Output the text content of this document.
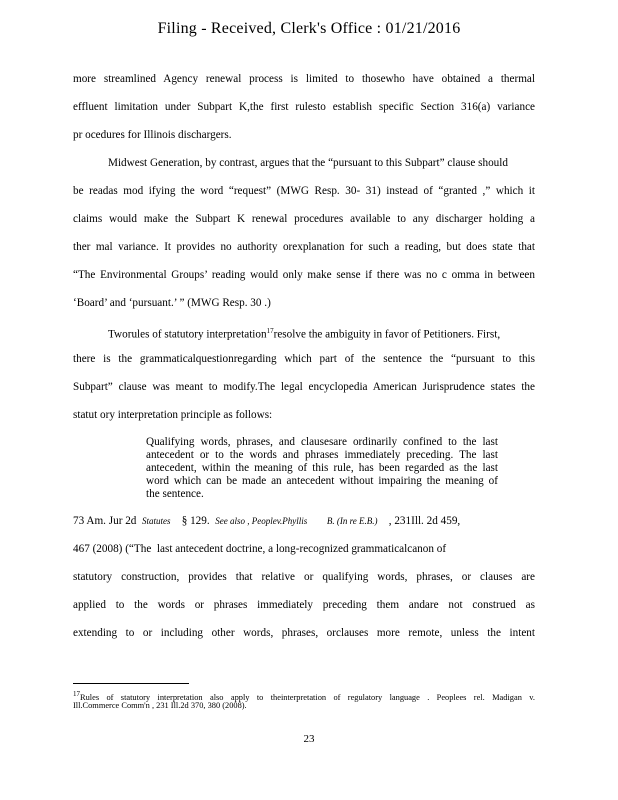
Filing - Received, Clerk's Office : 01/21/2016
more streamlined Agency renewal process is limited to thosewho have obtained a thermal
effluent limitation under Subpart K,the first rulesto establish specific Section 316(a) variance
pr ocedures for Illinois dischargers.
Midwest Generation, by contrast, argues that the “pursuant to this Subpart” clause should
be readas mod ifying the word “request” (MWG Resp. 30- 31) instead of “granted ,” which it
claims would make the Subpart K renewal procedures available to any discharger holding a
ther mal variance. It provides no authority orexplanation for such a reading, but does state that
“The Environmental Groups’ reading would only make sense if there was no c omma in between
‘Board’ and ‘pursuant.’ ” (MWG Resp. 30 .)
Tworules of statutory interpretation$^{17}$resolve the ambiguity in favor of Petitioners. First,
there is the grammaticalquestionregarding which part of the sentence the “pursuant to this
Subpart” clause was meant to modify.The legal encyclopedia American Jurisprudence states the
statut ory interpretation principle as follows:
Qualifying words, phrases, and clausesare ordinarily confined to the last
antecedent or to the words and phrases immediately preceding. The last
antecedent, within the meaning of this rule, has been regarded as the last
word which can be made an antecedent without impairing the meaning of
the sentence.
73 Am. Jur 2d Statutes § 129. See also , Peoplev.Phyllis B. (In re E.B.) , 231Ill. 2d 459,
467 (2008) (“The last antecedent doctrine, a long-recognized grammaticalcanon of
statutory construction, provides that relative or qualifying words, phrases, or clauses are
applied to the words or phrases immediately preceding them andare not construed as
extending to or including other words, phrases, orclauses more remote, unless the intent
$^{17}$Rules of statutory interpretation also apply to theinterpretation of regulatory language . Peoplees rel. Madigan v.
Ill.Commerce Comm'n , 231 Ill.2d 370, 380 (2008).
23
